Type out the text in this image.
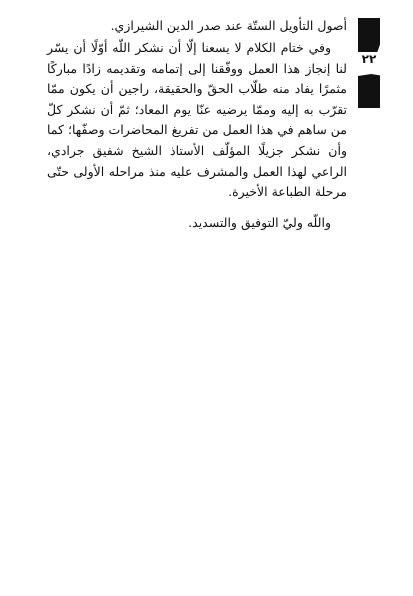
٢٢
أصول التأويل الستّة عند صدر الدين الشيرازي.

وفي ختام الكلام لا يسعنا إلّا أن نشكر اللّه أوّلًا أن يسّر لنا إنجاز هذا العمل ووفّقنا إلى إتمامه وتقديمه زادًا مباركًا مثمرًا يفاد منه طلّاب الحقّ والحقيقة، راجين أن يكون ممّا تقرّب به إليه وممّا يرضيه عنّا يوم المعاد؛ ثمّ أن نشكر كلّ من ساهم في هذا العمل من تفريغ المحاضرات وصفّها؛ كما وأن نشكر جزيلًا المؤلّف الأستاذ الشيخ شفيق جرادي، الراعي لهذا العمل والمشرف عليه منذ مراحله الأولى حتّى مرحلة الطباعة الأخيرة.

واللّه وليّ التوفيق والتسديد.
